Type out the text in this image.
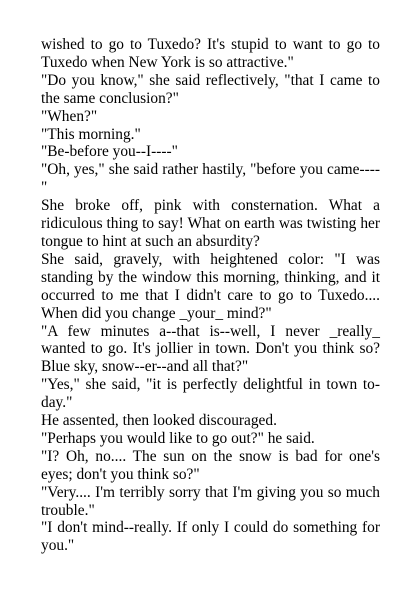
wished to go to Tuxedo? It's stupid to want to go to Tuxedo when New York is so attractive."

"Do you know," she said reflectively, "that I came to the same conclusion?"

"When?"

"This morning."

"Be-before you--I----"

"Oh, yes," she said rather hastily, "before you came----"

She broke off, pink with consternation. What a ridiculous thing to say! What on earth was twisting her tongue to hint at such an absurdity?

She said, gravely, with heightened color: "I was standing by the window this morning, thinking, and it occurred to me that I didn't care to go to Tuxedo.... When did you change _your_ mind?"

"A few minutes a--that is--well, I never _really_ wanted to go. It's jollier in town. Don't you think so? Blue sky, snow--er--and all that?"

"Yes," she said, "it is perfectly delightful in town to-day."

He assented, then looked discouraged.

"Perhaps you would like to go out?" he said.

"I? Oh, no.... The sun on the snow is bad for one's eyes; don't you think so?"

"Very.... I'm terribly sorry that I'm giving you so much trouble."

"I don't mind--really. If only I could do something for you."
